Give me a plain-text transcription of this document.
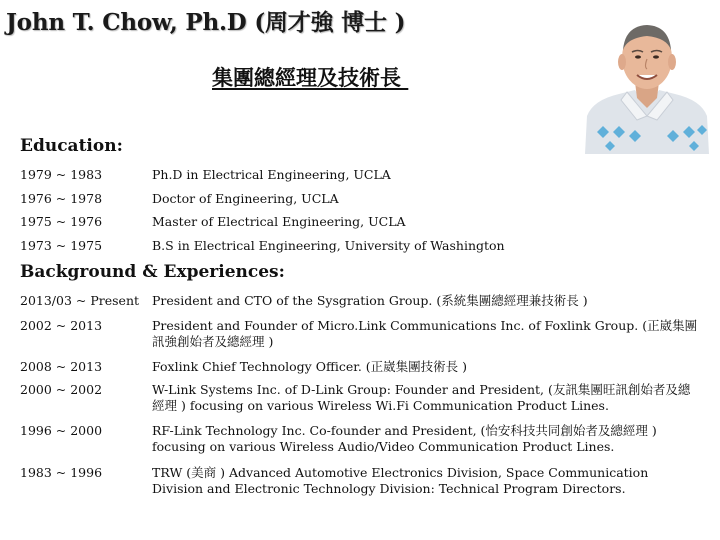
John T. Chow, Ph.D (周才強 博士 )
集團總經理及技術長
Education:
1979 ~ 1983	Ph.D in Electrical Engineering, UCLA
1976 ~ 1978	Doctor of Engineering, UCLA
1975 ~ 1976	Master of Electrical Engineering, UCLA
1973 ~ 1975	B.S in Electrical Engineering, University of Washington
Background & Experiences:
2013/03 ~ Present President and CTO of the Sysgration Group. (系統集團總經理兼技術長 )
2002 ~ 2013	President and Founder of Micro.Link Communications Inc. of Foxlink Group. (正崴集團訊強創始者及總經理 )
2008 ~ 2013	Foxlink Chief Technology Officer. (正崴集團技術長 )
2000 ~ 2002	W-Link Systems Inc. of D-Link Group: Founder and President, (友訊集團旺訊創始者及總經理 ) focusing on various Wireless Wi.Fi Communication Product Lines.
1996 ~ 2000	RF-Link Technology Inc. Co-founder and President, (怡安科技共同創始者及總經理 ) focusing on various Wireless Audio/Video Communication Product Lines.
1983 ~ 1996	TRW (美商 ) Advanced Automotive Electronics Division, Space Communication Division and Electronic Technology Division: Technical Program Directors.
